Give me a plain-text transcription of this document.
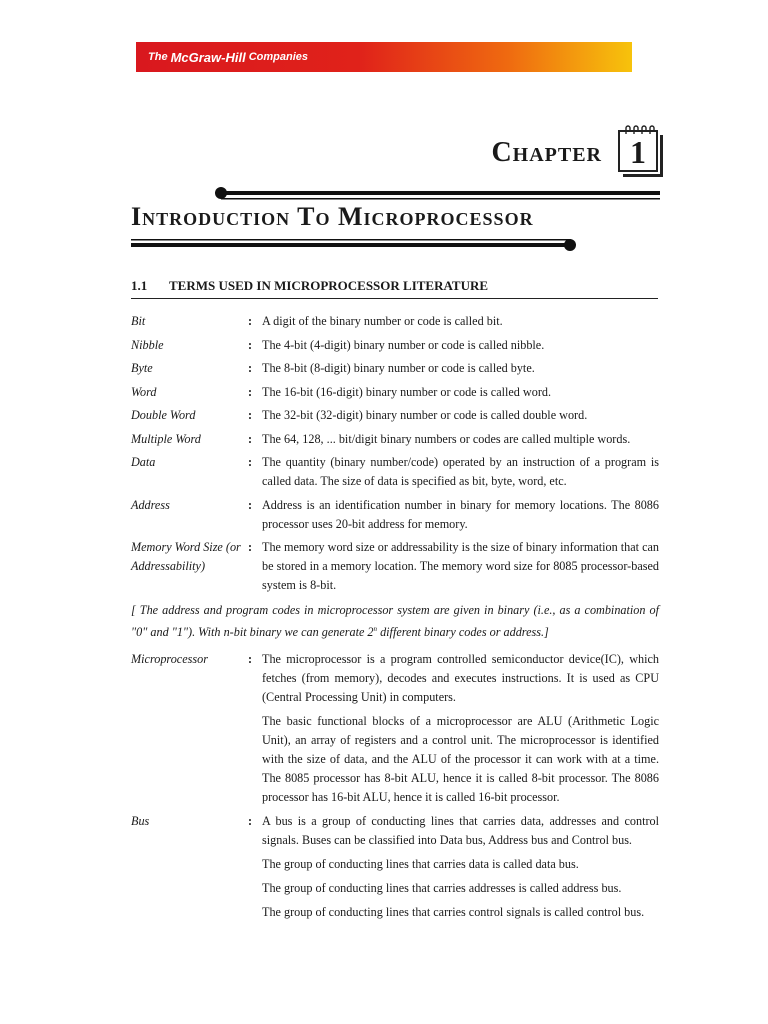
The McGraw-Hill Companies
Chapter 1
Introduction To Microprocessor
1.1 TERMS USED IN MICROPROCESSOR LITERATURE
Bit	: A digit of the binary number or code is called bit.
Nibble	: The 4-bit (4-digit) binary number or code is called nibble.
Byte	: The 8-bit (8-digit) binary number or code is called byte.
Word	: The 16-bit (16-digit) binary number or code is called word.
Double Word	: The 32-bit (32-digit) binary number or code is called double word.
Multiple Word	: The 64, 128, ... bit/digit binary numbers or codes are called multiple words.
Data	: The quantity (binary number/code) operated by an instruction of a program is called data. The size of data is specified as bit, byte, word, etc.
Address	: Address is an identification number in binary for memory locations. The 8086 processor uses 20-bit address for memory.
Memory Word Size (or Addressability)
: The memory word size or addressability is the size of binary information that can be stored in a memory location. The memory word size for 8085 processor-based system is 8-bit.
[ The address and program codes in microprocessor system are given in binary (i.e., as a combination of "0" and "1"). With n-bit binary we can generate 2$^n$ different binary codes or address.]
Microprocessor	: The microprocessor is a program controlled semiconductor device(IC), which fetches (from memory), decodes and executes instructions. It is used as CPU (Central Processing Unit) in computers.

The basic functional blocks of a microprocessor are ALU (Arithmetic Logic Unit), an array of registers and a control unit. The microprocessor is identified with the size of data, and the ALU of the processor it can work with at a time. The 8085 processor has 8-bit ALU, hence it is called 8-bit processor. The 8086 processor has 16-bit ALU, hence it is called 16-bit processor.

Bus	: A bus is a group of conducting lines that carries data, addresses and control signals. Buses can be classified into Data bus, Address bus and Control bus.

The group of conducting lines that carries data is called data bus.

The group of conducting lines that carries addresses is called address bus.

The group of conducting lines that carries control signals is called control bus.
